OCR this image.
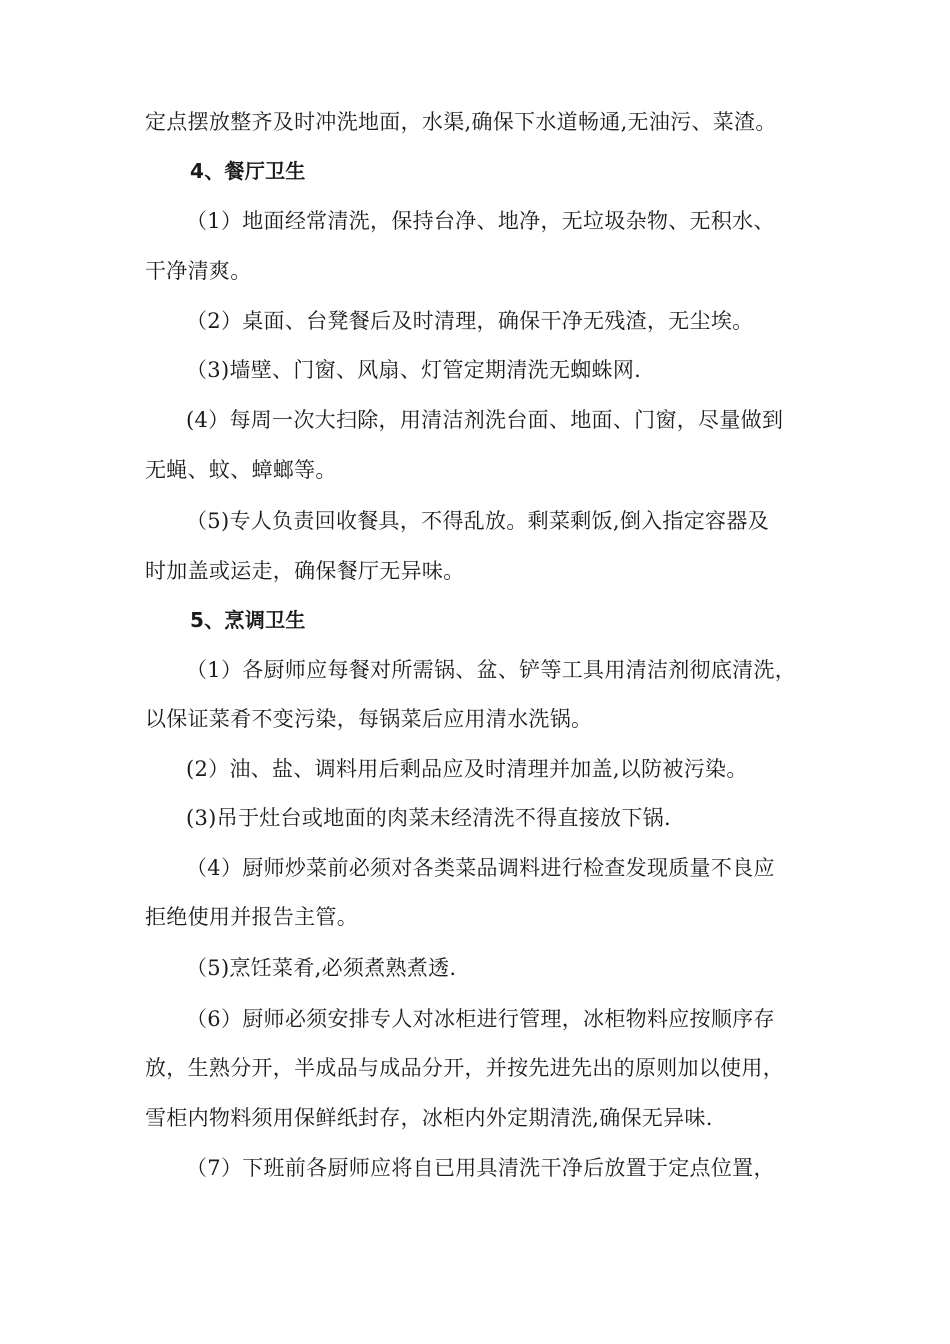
定点摆放整齐及时冲洗地面，水渠,确保下水道畅通,无油污、菜渣。
4、餐厅卫生
（1）地面经常清洗，保持台净、地净，无垃圾杂物、无积水、
干净清爽。
（2）桌面、台凳餐后及时清理，确保干净无残渣，无尘埃。
（3)墙壁、门窗、风扇、灯管定期清洗无蜘蛛网.
(4）每周一次大扫除，用清洁剂洗台面、地面、门窗，尽量做到
无蝇、蚊、蟑螂等。
（5)专人负责回收餐具，不得乱放。剩菜剩饭,倒入指定容器及
时加盖或运走，确保餐厅无异味。
5、烹调卫生
（1）各厨师应每餐对所需锅、盆、铲等工具用清洁剂彻底清洗，
以保证菜肴不变污染，每锅菜后应用清水洗锅。
(2）油、盐、调料用后剩品应及时清理并加盖,以防被污染。
(3)吊于灶台或地面的肉菜未经清洗不得直接放下锅.
（4）厨师炒菜前必须对各类菜品调料进行检查发现质量不良应
拒绝使用并报告主管。
（5)烹饪菜肴,必须煮熟煮透.
（6）厨师必须安排专人对冰柜进行管理，冰柜物料应按顺序存
放，生熟分开，半成品与成品分开，并按先进先出的原则加以使用，
雪柜内物料须用保鲜纸封存，冰柜内外定期清洗,确保无异味.
（7）下班前各厨师应将自已用具清洗干净后放置于定点位置，
